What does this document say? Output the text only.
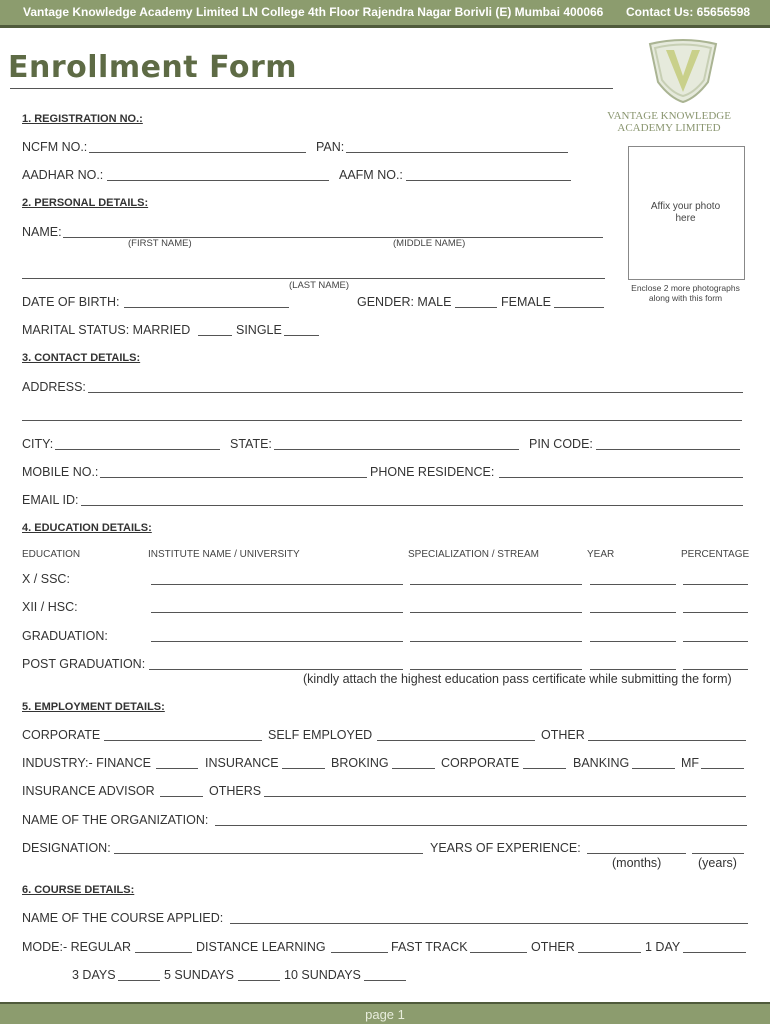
Vantage Knowledge Academy Limited LN College 4th Floor Rajendra Nagar Borivli (E) Mumbai 400066 Contact Us: 65656598
Enrollment Form
VANTAGE KNOWLEDGE
ACADEMY LIMITED
Affix your photo here
Enclose 2 more photographs along with this form
1. REGISTRATION NO.:
NCFM NO.:	PAN:
AADHAR NO.:	AAFM NO.:
2. PERSONAL DETAILS:
NAME:
(FIRST NAME)	(MIDDLE NAME)
(LAST NAME)
DATE OF BIRTH:	GENDER: MALE	FEMALE
MARITAL STATUS: MARRIED	SINGLE
3. CONTACT DETAILS:
ADDRESS:
CITY:	STATE:	PIN CODE:
MOBILE NO.:	PHONE RESIDENCE:
EMAIL ID:
4. EDUCATION DETAILS:
EDUCATION	INSTITUTE NAME / UNIVERSITY	SPECIALIZATION / STREAM	YEAR	PERCENTAGE
X / SSC:
XII / HSC:
GRADUATION:
POST GRADUATION:
(kindly attach the highest education pass certificate while submitting the form)
5. EMPLOYMENT DETAILS:
CORPORATE	SELF EMPLOYED	OTHER
INDUSTRY:- FINANCE	INSURANCE	BROKING	CORPORATE	BANKING	MF
INSURANCE ADVISOR	OTHERS
NAME OF THE ORGANIZATION:
DESIGNATION:	YEARS OF EXPERIENCE:
(months)	(years)
6. COURSE DETAILS:
NAME OF THE COURSE APPLIED:
MODE:- REGULAR	DISTANCE LEARNING	FAST TRACK	OTHER	1 DAY
3 DAYS	5 SUNDAYS	10 SUNDAYS
page 1
